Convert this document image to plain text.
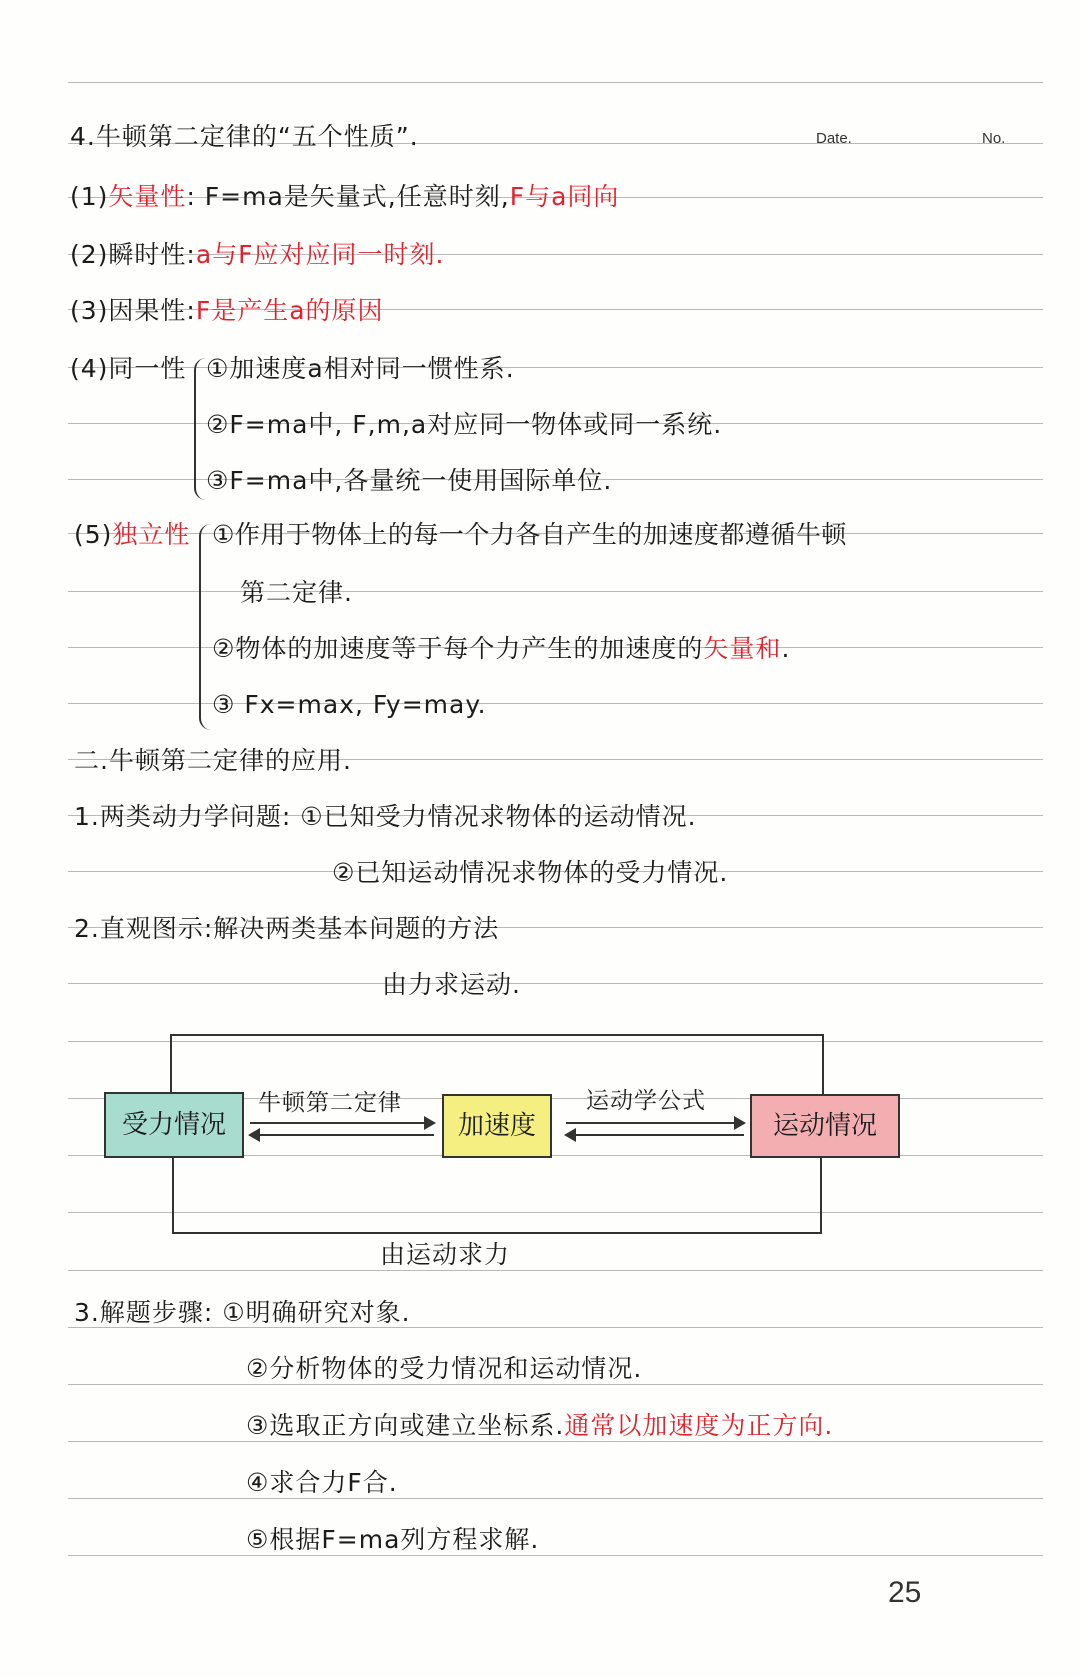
Date.	No.
4.牛顿第二定律的“五个性质”.
(1)矢量性: F=ma是矢量式,任意时刻,F与a同向
(2)瞬时性:a与F应对应同一时刻.
(3)因果性:F是产生a的原因
(4)同一性 ①加速度a相对同一惯性系.
②F=ma中, F,m,a对应同一物体或同一系统.
③F=ma中,各量统一使用国际单位.
(5)独立性 ①作用于物体上的每一个力各自产生的加速度都遵循牛顿
第二定律.
②物体的加速度等于每个力产生的加速度的矢量和.
③ Fx=max, Fy=may.
二.牛顿第二定律的应用.
1.两类动力学问题: ①已知受力情况求物体的运动情况.
②已知运动情况求物体的受力情况.
2.直观图示:解决两类基本问题的方法
由力求运动.
受力情况	加速度	运动情况
牛顿第二定律	运动学公式
由运动求力
3.解题步骤: ①明确研究对象.
②分析物体的受力情况和运动情况.
③选取正方向或建立坐标系.通常以加速度为正方向.
④求合力F合.
⑤根据F=ma列方程求解.
25
